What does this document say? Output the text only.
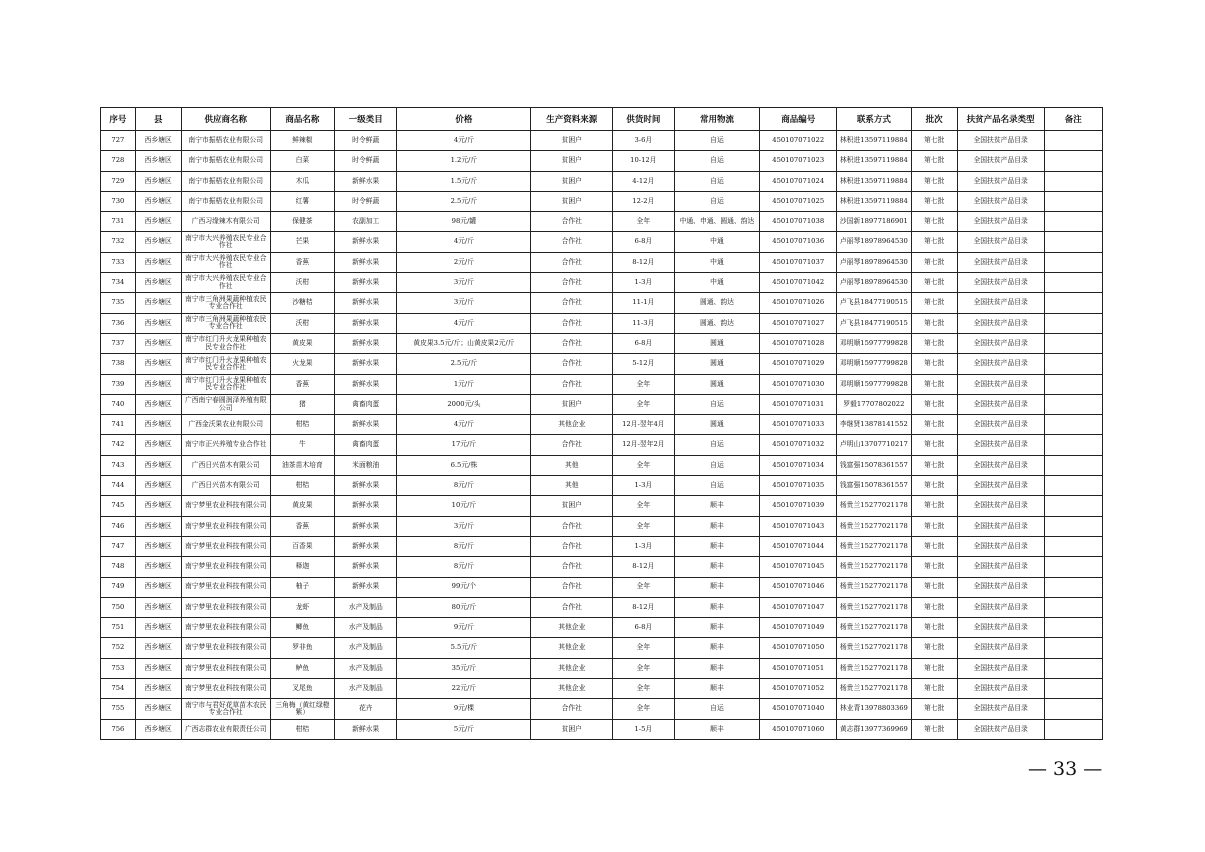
序号	县	供应商名称	商品名称	一级类目	价格	生产资料来源	供货时间	常用物流	商品编号	联系方式	批次	扶贫产品名录类型	备注
727	西乡塘区	南宁市振梧农业有限公司	鲜辣椒	时令鲜蔬	4元/斤	贫困户	3-6月	自运	450107071022	林积进13597119884	第七批	全国扶贫产品目录	
728	西乡塘区	南宁市振梧农业有限公司	白菜	时令鲜蔬	1.2元/斤	贫困户	10-12月	自运	450107071023	林积进13597119884	第七批	全国扶贫产品目录	
729	西乡塘区	南宁市振梧农业有限公司	木瓜	新鲜水果	1.5元/斤	贫困户	4-12月	自运	450107071024	林积进13597119884	第七批	全国扶贫产品目录	
730	西乡塘区	南宁市振梧农业有限公司	红薯	时令鲜蔬	2.5元/斤	贫困户	12-2月	自运	450107071025	林积进13597119884	第七批	全国扶贫产品目录	
731	西乡塘区	广西习缘辣木有限公司	保健茶	农副加工	98元/罐	合作社	全年	中通、申通、圆通、韵达	450107071038	沙国新18977186901	第七批	全国扶贫产品目录	
732	西乡塘区	南宁市大兴养殖农民专业合作社	芒果	新鲜水果	4元/斤	合作社	6-8月	中通	450107071036	卢丽琴18978964530	第七批	全国扶贫产品目录	
733	西乡塘区	南宁市大兴养殖农民专业合作社	香蕉	新鲜水果	2元/斤	合作社	8-12月	中通	450107071037	卢丽琴18978964530	第七批	全国扶贫产品目录	
734	西乡塘区	南宁市大兴养殖农民专业合作社	沃柑	新鲜水果	3元/斤	合作社	1-3月	中通	450107071042	卢丽琴18978964530	第七批	全国扶贫产品目录	
735	西乡塘区	南宁市三角洲果蔬种植农民专业合作社	沙糖桔	新鲜水果	3元/斤	合作社	11-1月	圆通、韵达	450107071026	卢飞县18477190515	第七批	全国扶贫产品目录	
736	西乡塘区	南宁市三角洲果蔬种植农民专业合作社	沃柑	新鲜水果	4元/斤	合作社	11-3月	圆通、韵达	450107071027	卢飞县18477190515	第七批	全国扶贫产品目录	
737	西乡塘区	南宁市红门升火龙果种植农民专业合作社	黄皮果	新鲜水果	黄皮果3.5元/斤；山黄皮果2元/斤	合作社	6-8月	圆通	450107071028	邓明顺15977799828	第七批	全国扶贫产品目录	
738	西乡塘区	南宁市红门升火龙果种植农民专业合作社	火龙果	新鲜水果	2.5元/斤	合作社	5-12月	圆通	450107071029	邓明顺15977799828	第七批	全国扶贫产品目录	
739	西乡塘区	南宁市红门升火龙果种植农民专业合作社	香蕉	新鲜水果	1元/斤	合作社	全年	圆通	450107071030	邓明顺15977799828	第七批	全国扶贫产品目录	
740	西乡塘区	广西南宁春圆润泽养殖有限公司	猪	禽畜肉蛋	2000元/头	贫困户	全年	自运	450107071031	罗毅17707802022	第七批	全国扶贫产品目录	
741	西乡塘区	广西金沃果农业有限公司	柑桔	新鲜水果	4元/斤	其他企业	12月-翌年4月	圆通	450107071033	李继贤13878141552	第七批	全国扶贫产品目录	
742	西乡塘区	南宁市正兴养殖专业合作社	牛	禽畜肉蛋	17元/斤	合作社	12月-翌年2月	自运	450107071032	卢明山13707710217	第七批	全国扶贫产品目录	
743	西乡塘区	广西日兴苗木有限公司	油茶苗木培育	米面粮油	6.5元/株	其他	全年	自运	450107071034	钱富强15078361557	第七批	全国扶贫产品目录	
744	西乡塘区	广西日兴苗木有限公司	柑桔	新鲜水果	8元/斤	其他	1-3月	自运	450107071035	钱富强15078361557	第七批	全国扶贫产品目录	
745	西乡塘区	南宁梦里农业科技有限公司	黄皮果	新鲜水果	10元/斤	贫困户	全年	顺丰	450107071039	杨贵兰15277021178	第七批	全国扶贫产品目录	
746	西乡塘区	南宁梦里农业科技有限公司	香蕉	新鲜水果	3元/斤	合作社	全年	顺丰	450107071043	杨贵兰15277021178	第七批	全国扶贫产品目录	
747	西乡塘区	南宁梦里农业科技有限公司	百香果	新鲜水果	8元/斤	合作社	1-3月	顺丰	450107071044	杨贵兰15277021178	第七批	全国扶贫产品目录	
748	西乡塘区	南宁梦里农业科技有限公司	释迦	新鲜水果	8元/斤	合作社	8-12月	顺丰	450107071045	杨贵兰15277021178	第七批	全国扶贫产品目录	
749	西乡塘区	南宁梦里农业科技有限公司	柚子	新鲜水果	99元/个	合作社	全年	顺丰	450107071046	杨贵兰15277021178	第七批	全国扶贫产品目录	
750	西乡塘区	南宁梦里农业科技有限公司	龙虾	水产及制品	80元/斤	合作社	8-12月	顺丰	450107071047	杨贵兰15277021178	第七批	全国扶贫产品目录	
751	西乡塘区	南宁梦里农业科技有限公司	鲫鱼	水产及制品	9元/斤	其他企业	6-8月	顺丰	450107071049	杨贵兰15277021178	第七批	全国扶贫产品目录	
752	西乡塘区	南宁梦里农业科技有限公司	罗非鱼	水产及制品	5.5元/斤	其他企业	全年	顺丰	450107071050	杨贵兰15277021178	第七批	全国扶贫产品目录	
753	西乡塘区	南宁梦里农业科技有限公司	鲈鱼	水产及制品	35元/斤	其他企业	全年	顺丰	450107071051	杨贵兰15277021178	第七批	全国扶贫产品目录	
754	西乡塘区	南宁梦里农业科技有限公司	叉尾鱼	水产及制品	22元/斤	其他企业	全年	顺丰	450107071052	杨贵兰15277021178	第七批	全国扶贫产品目录	
755	西乡塘区	南宁市与君好花草苗木农民专业合作社	三角梅（黄红绿橙紫）	花卉	9元/棵	合作社	全年	自运	450107071040	林业青13978803369	第七批	全国扶贫产品目录	
756	西乡塘区	广西志群农业有限责任公司	柑桔	新鲜水果	5元/斤	贫困户	1-5月	顺丰	450107071060	黄志群13977369969	第七批	全国扶贫产品目录	
— 33 —
